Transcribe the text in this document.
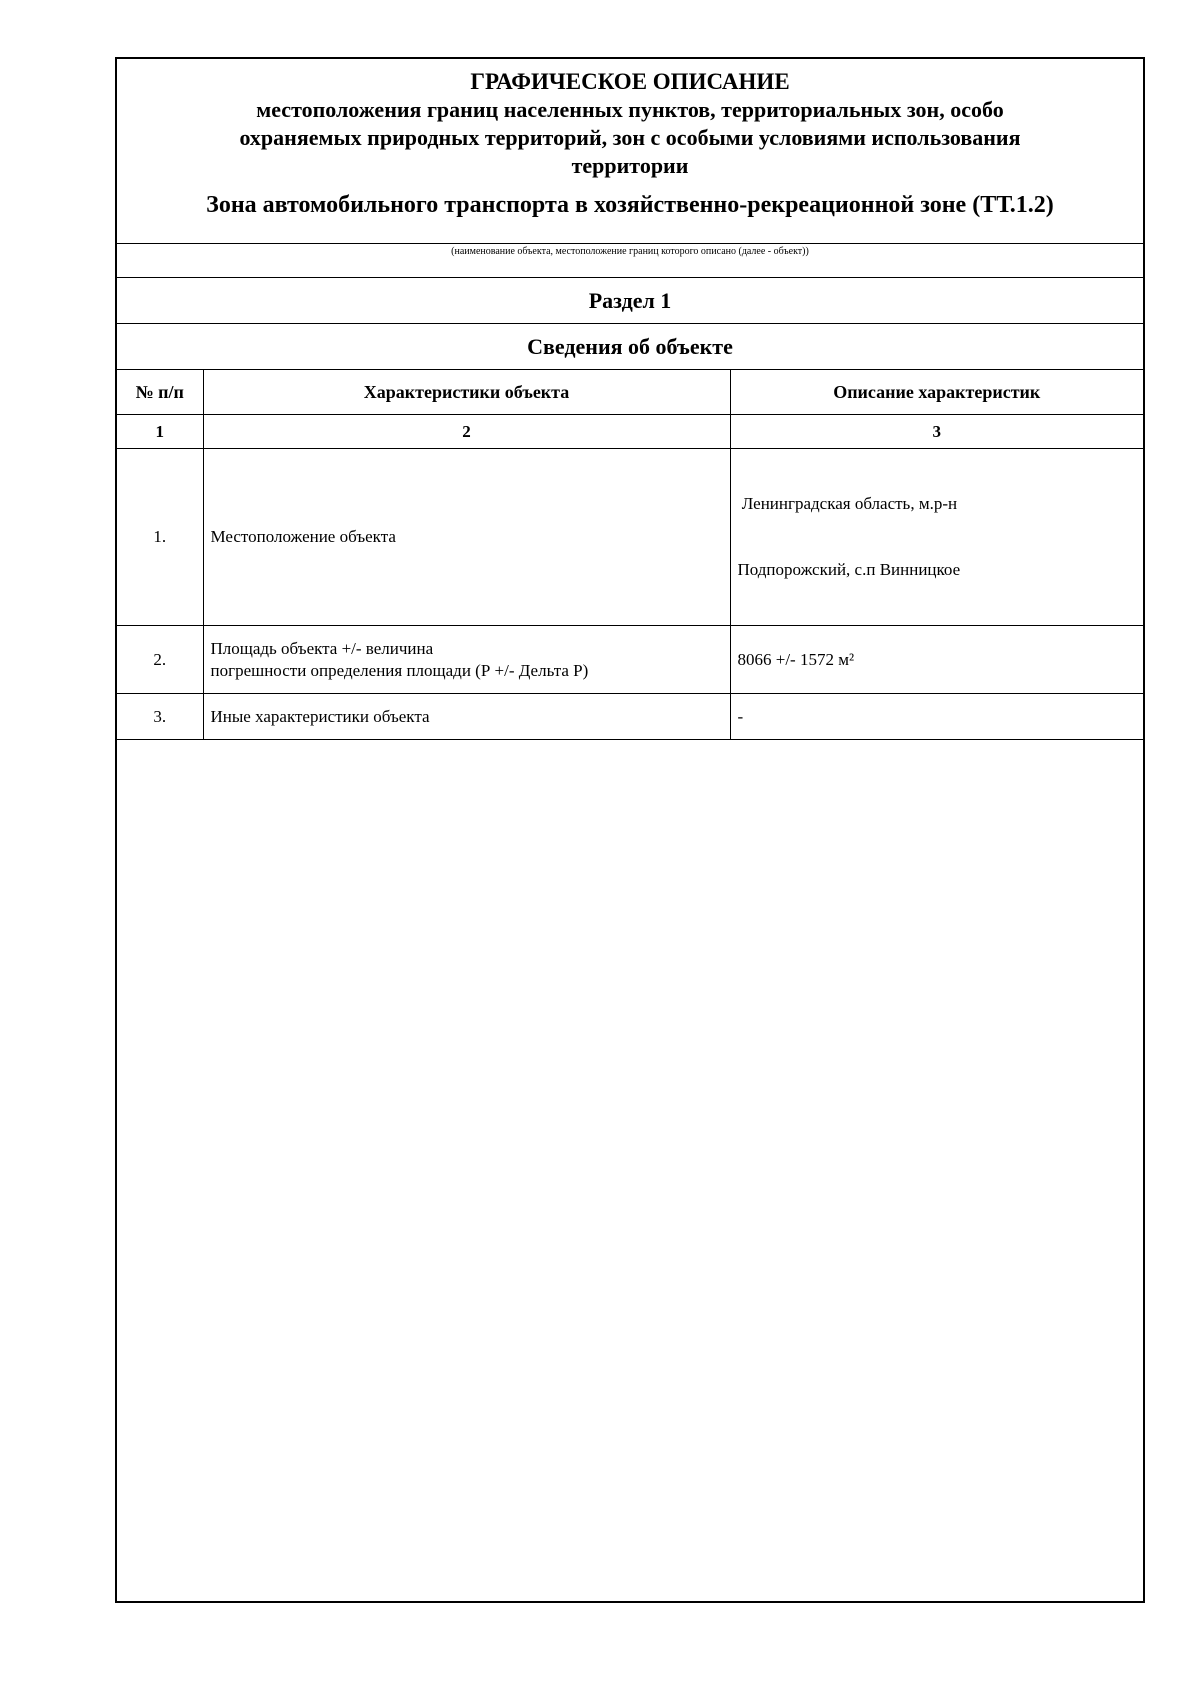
ГРАФИЧЕСКОЕ ОПИСАНИЕ
местоположения границ населенных пунктов, территориальных зон, особо
охраняемых природных территорий, зон с особыми условиями использования
территории
Зона автомобильного транспорта в хозяйственно-рекреационной зоне (ТТ.1.2)
(наименование объекта, местоположение границ которого описано (далее - объект))
Раздел 1
Сведения об объекте
№ п/п	Характеристики объекта	Описание характеристик
1	2	3
1.	Местоположение объекта	Ленинградская область, м.р-н

Подпорожский, с.п Винницкое

2.	Площадь объекта +/- величина
погрешности определения площади (Р +/- Дельта Р)	8066 +/- 1572 м²

3.	Иные характеристики объекта	-
